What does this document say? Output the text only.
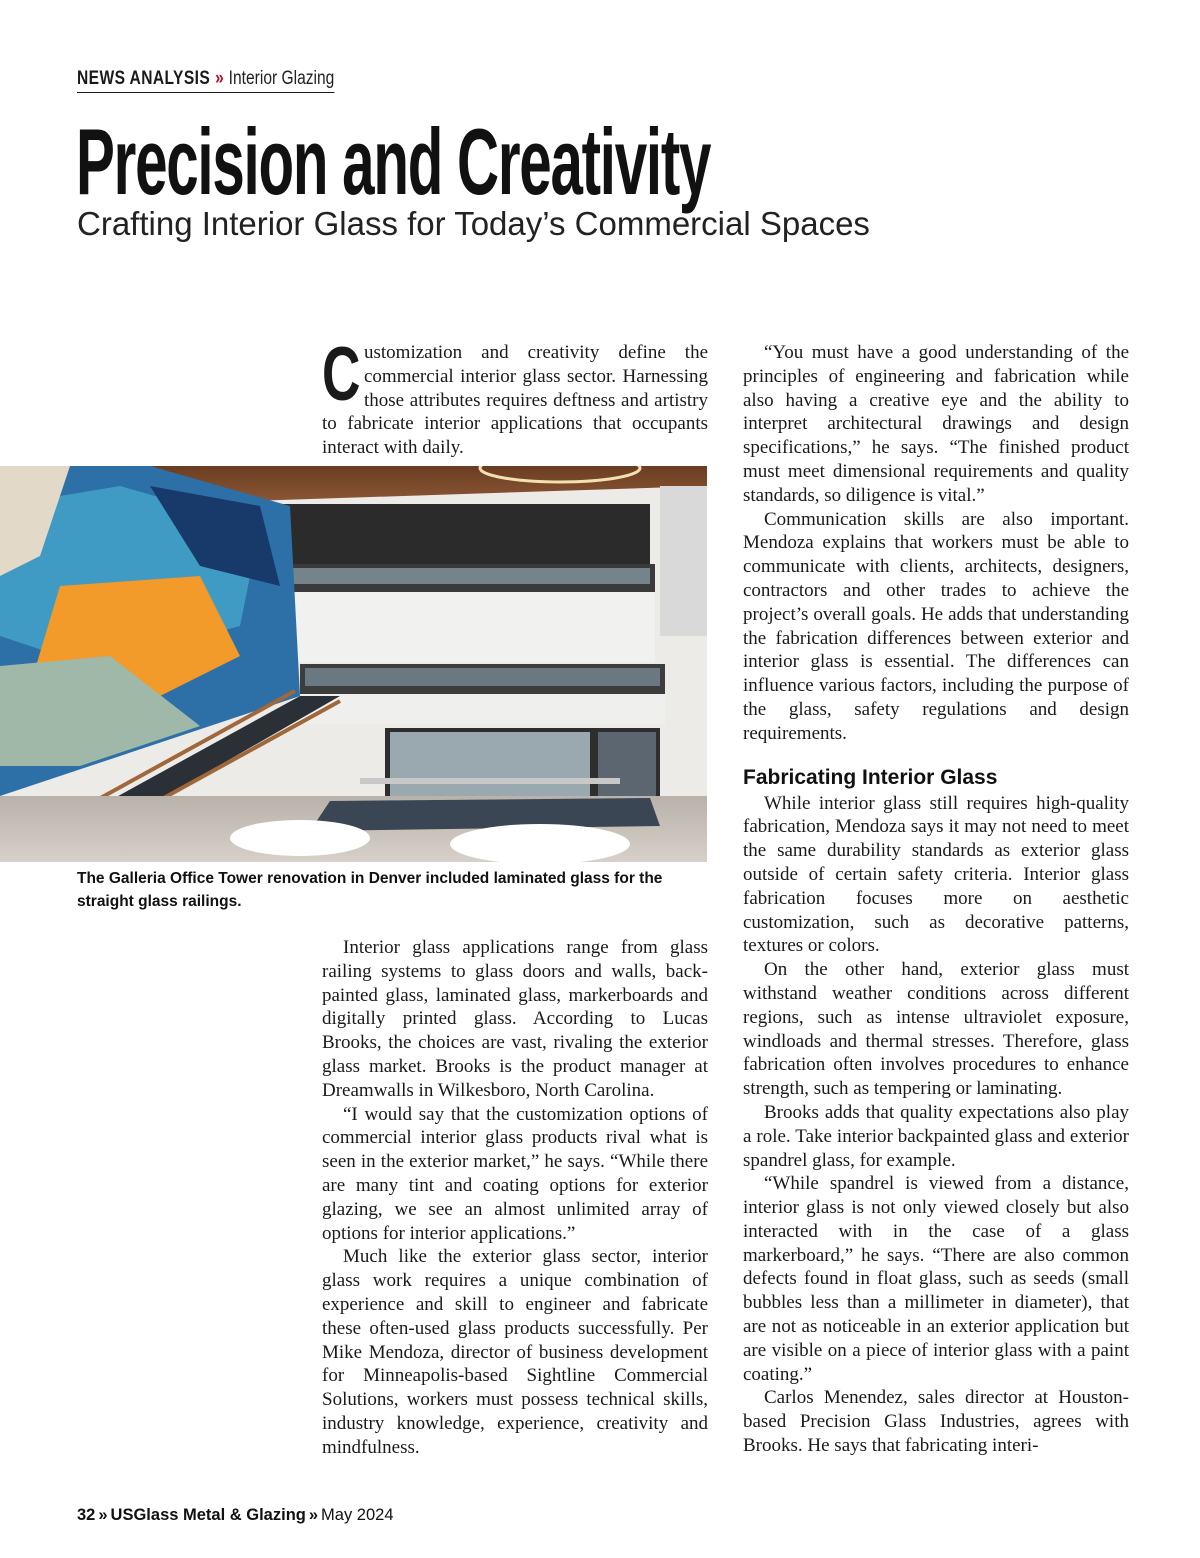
NEWS ANALYSIS » Interior Glazing
Precision and Creativity
Crafting Interior Glass for Today’s Commercial Spaces
C ustomization and creativity define the commercial interior glass sector. Harnessing those attributes requires deftness and artistry to fabricate interior applications that occupants interact with daily.
The Galleria Office Tower renovation in Denver included laminated glass for the straight glass railings.

Interior glass applications range from glass railing systems to glass doors and walls, backpainted glass, laminated glass, markerboards and digitally printed glass. According to Lucas Brooks, the choices are vast, rivaling the exterior glass market. Brooks is the product manager at Dreamwalls in Wilkesboro, North Carolina.

“I would say that the customization options of commercial interior glass products rival what is seen in the exterior market,” he says. “While there are many tint and coating options for exterior glazing, we see an almost unlimited array of options for interior applications.”

Much like the exterior glass sector, interior glass work requires a unique combination of experience and skill to engineer and fabricate these often-used glass products successfully. Per Mike Mendoza, director of business development for Minneapolis-based Sightline Commercial Solutions, workers must possess technical skills, industry knowledge, experience, creativity and mindfulness.

“You must have a good understanding of the principles of engineering and fabrication while also having a creative eye and the ability to interpret architectural drawings and design specifications,” he says. “The finished product must meet dimensional requirements and quality standards, so diligence is vital.”

Communication skills are also important. Mendoza explains that workers must be able to communicate with clients, architects, designers, contractors and other trades to achieve the project’s overall goals. He adds that understanding the fabrication differences between exterior and interior glass is essential. The differences can influence various factors, including the purpose of the glass, safety regulations and design requirements.

Fabricating Interior Glass

While interior glass still requires high-quality fabrication, Mendoza says it may not need to meet the same durability standards as exterior glass outside of certain safety criteria. Interior glass fabrication focuses more on aesthetic customization, such as decorative patterns, textures or colors.

On the other hand, exterior glass must withstand weather conditions across different regions, such as intense ultraviolet exposure, windloads and thermal stresses. Therefore, glass fabrication often involves procedures to enhance strength, such as tempering or laminating.

Brooks adds that quality expectations also play a role. Take interior backpainted glass and exterior spandrel glass, for example.

“While spandrel is viewed from a distance, interior glass is not only viewed closely but also interacted with in the case of a glass markerboard,” he says. “There are also common defects found in float glass, such as seeds (small bubbles less than a millimeter in diameter), that are not as noticeable in an exterior application but are visible on a piece of interior glass with a paint coating.”

Carlos Menendez, sales director at Houston-based Precision Glass Industries, agrees with Brooks. He says that fabricating interi-

32 » USGlass Metal & Glazing » May 2024
